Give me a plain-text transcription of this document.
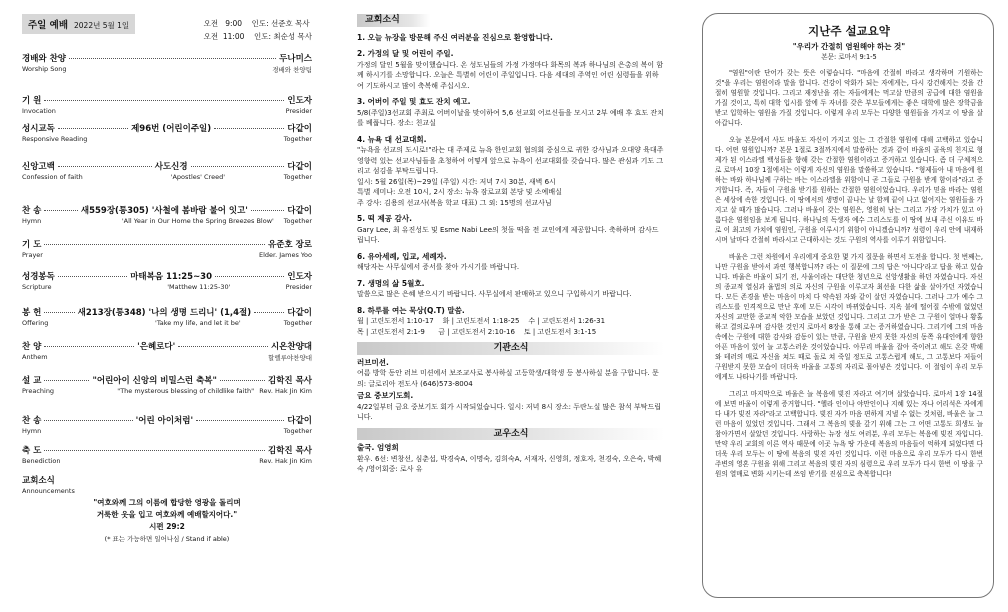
주일 예배 2022년 5월 1일	오전   9:00    인도: 선준호 목사
오전  11:00    인도: 최순성 목사
경배와 찬양	두나미스
Worship Song	경배와 찬양팀
기 원	인도자
Invocation	Presider
성시교독	제96번 (어린이주일)	다같이
Responsive Reading	Together
신앙고백	사도신경	다같이
Confession of faith	'Apostles' Creed'	Together
찬 송	새559장(통305) '사철에 봄바람 불어 잇고'	다같이
Hymn	'All Year in Our Home the Spring Breezes Blow'	Together
기 도	유준호 장로
Prayer	Elder. James Yoo
성경봉독	마태복음 11:25~30	인도자
Scripture	'Matthew 11:25-30'	Presider
봉 헌	새213장(통348) '나의 생명 드리니' (1,4절)	다같이
Offering	'Take my life, and let it be'	Together
찬 양	'은혜로다'	시온찬양대
Anthem	할렐루야찬양대
설 교	"어린아이 신앙의 비밀스런 축복"	김학진 목사
Preaching	"The mysterous blessing of childlike faith" Rev. Hak Jin Kim
찬 송	'어린 아이처럼'	다같이
Hymn	Together
축 도	김학진 목사
Benediction	Rev. Hak Jin Kim
교회소식
Announcements
"여호와께 그의 이름에 합당한 영광을 돌리며
거룩한 옷을 입고 여호와께 예배할지어다."
시편 29:2
(* 표는 가능하면 일어나심 / Stand if able)
교회소식
1. 오늘 뉴장을 방문해 주신 여러분을 진심으로 환영합니다.
2. 가정의 달 및 어린이 주일.
가정의 달인 5월을 맞이했습니다. 온 성도님들의 가정 가정마다 화목의 복과 하나님의 은총의 복이 함께 하시기를 소망합니다. 오늘은 특별히 어린이 주일입니다. 다음 세대의 주역인 어린 심령들을 위하여 기도하시고 많이 축복해 주십시오.
3. 어버이 주일 및 효도 잔치 예고.
5/8(주일)3선교회 주최로 어버이날을 맞이하여 5,6 선교회 어르신들을 모시고 2부 예배 후 효도 잔치를 베풉니다. 장소: 친교실
4. 뉴욕 대 선교대회.
"뉴욕을 선교의 도시로!"라는 대 주제로 뉴욕 한인교회 협의회 중심으로 귀한 강사님과 오대양 육대주 영향력 있는 선교사님들을 초청하여 어떻게 앞으로 뉴욕이 선교대회를 갖습니다. 많은 관심과 기도 그리고 섬김을 부탁드립니다.
일시: 5월 26일(목)~29일 (주일) 시간: 저녁 7시 30분, 새벽 6시
특별 세미나: 오전 10시, 2시 장소: 뉴욕 잠로교회 본당 및 소예배실
주 강사: 김용의 선교사(복음 학교 대표) 그 외: 15명의 선교사님
5. 떡 제공 감사.
Gary Lee, 최 유진성도 및 Esme Nabi Lee의 첫돌 떡을 전 교인에게 제공합니다. 축하하며 감사드립니다.
6. 유아세례, 입교, 세례자.
해당자는 사무실에서 증서를 찾아 가시기를 바랍니다.
7. 생명의 삶 5월호.
말씀으로 많은 은혜 받으시기 바랍니다. 사무실에서 판매하고 있으니 구입하시기 바랍니다.
8. 하루를 여는 묵상(Q.T) 말씀.
월 | 고린도전서 1:10-17    화 | 고린도전서 1:18-25    수 | 고린도전서 1:26-31
목 | 고린도전서 2:1-9      금 | 고린도전서 2:10-16    토 | 고린도전서 3:1-15
기관소식
러브미션.
여름 방학 동안 러브 미션에서 보조교사로 봉사하실 고등학생/대학생 등 봉사하실 분을 구합니다. 문의: 글로리아 전도사 (646)573-8004
금요 중보기도회.
4/22일부터 금요 중보기도 회가 시작되었습니다. 일시: 저녁 8시 장소: 두란노실 많은 참석 부탁드립니다.
교우소식
출국. 엄영희
환우. 6선: 변창선, 심춘섭, 박경숙A, 이명숙, 김희숙A, 서재자, 신영희, 정호자, 천경숙, 오은숙, 박혜숙 /영어회중: 로사 유
지난주 설교요약
"우리가 간절히 염원해야 하는 것"
본문: 로마서 9:1-5

"염원"이란 단어가 갖는 뜻은 이렇습니다. "마음에 간절히 바라고 생각하며 기원하는 것"을 우리는 염원이라 말을 합니다. 건강이 악화가 되는 자에게는, 다시 강건해지는 것을 간절히 염원할 것입니다. 그리고 재정난을 겪는 자들에게는 먹고살 만큼의 공급에 대한 염원을 가질 것이고, 특히 대학 입시를 앞에 두 자녀를 갖은 부모들에게는 좋은 대학에 많은 장학금을 받고 입학하는 염원을 가질 것입니다. 이렇게 우리 모두는 다양한 염원들을 가지고 이 땅을 살아갑니다.

오늘 본문에서 사도 바울도 자신이 가지고 있는 그 간절한 염원에 대해 고백하고 있습니다. 어떤 염원입니까? 본문 1절로 3절까지에서 말씀하는 것과 같이 바울의 골육의 친지로 형제가 된 이스라엘 백성들을 향해 갖는 간절한 염원이라고 증거하고 있습니다. 좀 더 구체적으로 로마서 10장 1절에서는 이렇게 자신의 염원을 말씀하고 있습니다. "형제들아 내 마음에 원하는 바와 하나님께 구하는 바는 이스라엘을 위함이니 곧 그들로 구원을 받게 함이라"라고 증거합니다. 즉, 자들이 구원을 받기를 원하는 간절한 염원이었습니다. 우리가 믿을 바라는 염원은 세상에 속한 것입니다. 이 땅에서의 생명이 끝나는 날 함께 끝이 나고 없어지는 염원들을 가지고 살 때가 많습니다. 그러나 바울이 갖는 염원은, 영원히 남는 그리고 가장 가치가 있고 아름다운 염원임을 보게 됩니다. 하나님의 독생자 예수 그리스도를 이 땅에 보내 주신 이유도 바로 이 최고의 가치에 염원인, 구원을 이루시기 위함이 아니겠습니까? 성령이 우리 안에 내재하시며 날마다 간절히 바라시고 근대하시는 것도 구원의 역사를 이루기 위함입니다.

바울은 그런 차원에서 우리에게 중요한 몇 가지 질문을 하면서 도전을 합니다. 첫 번째는, 나만 구원을 받아서 과연 행복합니까? 라는 이 질문에 그의 답은 '아니다'라고 답을 하고 있습니다. 바울은 바울이 되기 전, 사울이라는 대단한 청년으로 신앙생활을 하던 자였습니다. 자신의 종교적 열심과 율법의 의로 자신의 구원을 이루고자 최선을 다한 삶을 살아가던 자였습니다. 모든 존경을 받는 마음이 마치 다 약속된 자와 같이 살던 자였습니다. 그러나 그가 예수 그리스도를 인격적으로 만난 후에 모든 시각이 바뀌었습니다. 지옥 불에 떨어질 수밖에 없었던 자신의 교만한 종교적 악한 모습을 보았던 것입니다. 그리고 그가 받은 그 구원이 얼마나 황홀하고 결의로우며 감사한 것인지 로마서 8장을 통해 고는 증거하였습니다. 그리기에 그의 마음속에는 구원에 대한 감사와 감동이 있는 만큼, 구원을 받지 못한 자신의 동쪽 유대인에게 향한 아픈 마음이 있어 늘 고통스러운 것이었습니다. 아무리 바울을 잡아 죽이려고 해도 온갖 박해와 테러의 매로 자신을 쳐도 때로 돌로 쳐 죽일 정도로 고통스럽게 해도, 그 고통보다 저들이 구원받지 못한 모습이 더더욱 바울을 고통의 자리로 몰아넣은 것입니다. 이 절임이 우리 모두에게도 나타나기를 바랍니다.

그리고 마지막으로 바울은 늘 복음에 빚진 자라고 여기며 살았습니다. 로마서 1장 14절에 보면 바울이 이렇게 증거합니다. "헬라 인이나 야만인이나 지혜 있는 자나 어리석은 자에게 다 내가 빚진 자라"라고 고백합니다. 빚진 자가 마음 편하게 지낼 수 없는 것처럼, 바울은 늘 그런 마음이 있었던 것입니다. 그래서 그 복음의 빚을 갚기 위해 그는 그 어떤 고통도 희생도 늘 참아가면서 살았던 것입니다. 사랑하는 뉴장 성도 여러분, 우리 모두는 복음에 빚진 자입니다. 만약 우리 교회의 이른 역사 때문에 이곳 뉴욕 땅 가운데 복음의 마음들이 억하게 되었다면 다더욱 우리 모두는 이 땅에 복음의 빚진 자인 것입니다. 이런 마음으로 우리 모두가 다시 한번 주변의 영혼 구원을 위해 그리고 복음의 빚진 자의 심령으로 우리 모두가 다시 한번 이 땅을 구원의 열매로 변화 시키는데 쓰임 받기를 진심으로 축복합니다!
